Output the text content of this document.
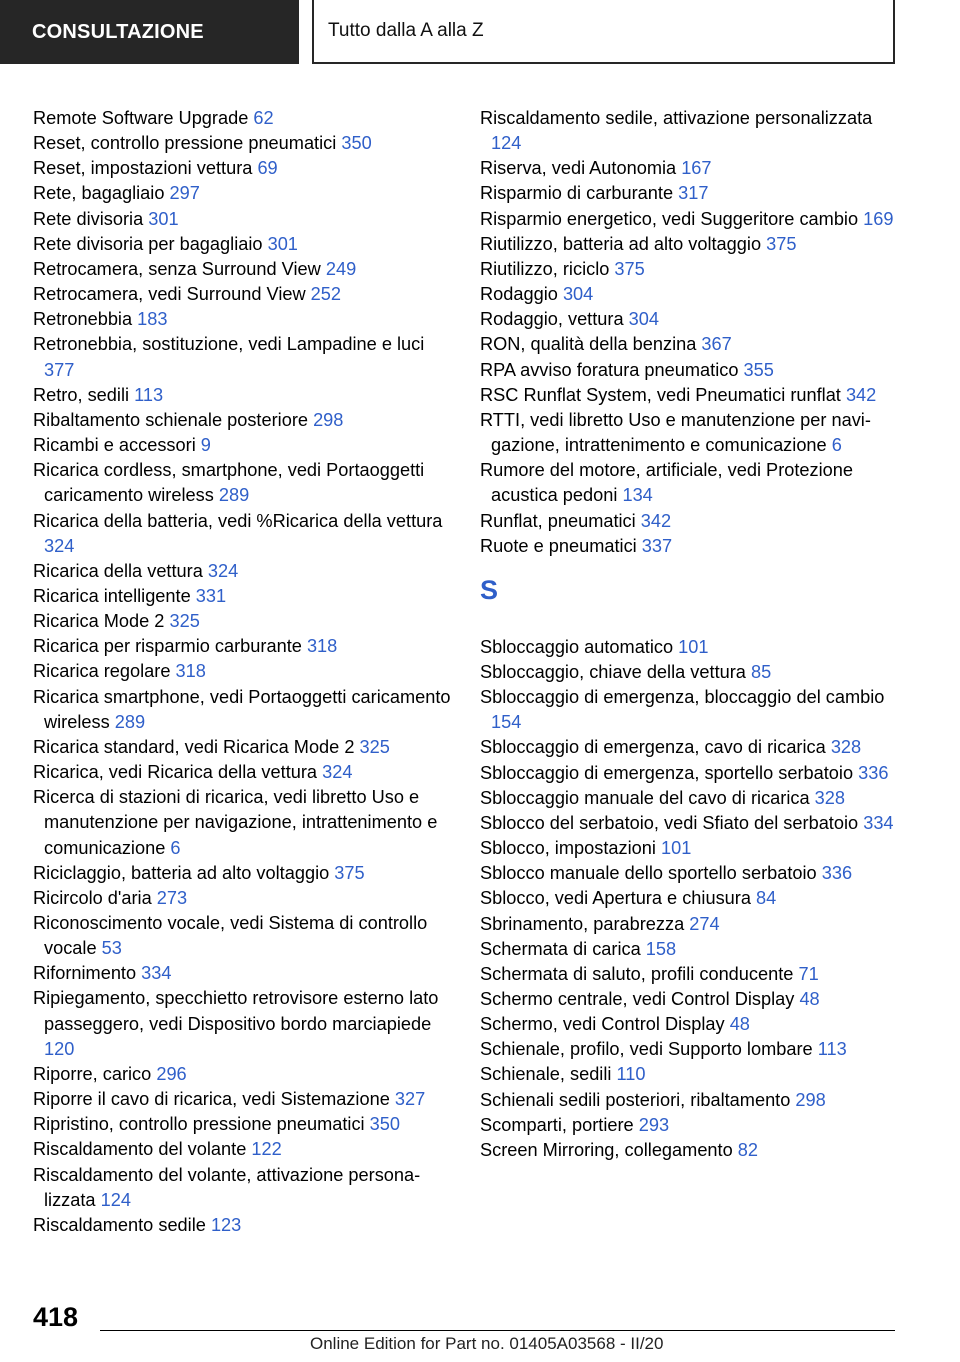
CONSULTAZIONE	Tutto dalla A alla Z

Remote Software Upgrade 62

Reset, controllo pressione pneumatici 350

Reset, impostazioni vettura 69

Rete, bagagliaio 297

Rete divisoria 301

Rete divisoria per bagagliaio 301

Retrocamera, senza Surround View 249

Retrocamera, vedi Surround View 252

Retronebbia 183

Retronebbia, sostituzione, vedi Lampadine e luci 377

Retro, sedili 113

Ribaltamento schienale posteriore 298

Ricambi e accessori 9

Ricarica cordless, smartphone, vedi Portaoggetti caricamento wireless 289

Ricarica della batteria, vedi %Ricarica della vettura 324

Ricarica della vettura 324

Ricarica intelligente 331

Ricarica Mode 2 325

Ricarica per risparmio carburante 318

Ricarica regolare 318

Ricarica smartphone, vedi Portaoggetti caricamento wireless 289

Ricarica standard, vedi Ricarica Mode 2 325

Ricarica, vedi Ricarica della vettura 324

Ricerca di stazioni di ricarica, vedi libretto Uso e manutenzione per navigazione, intrattenimento e comunicazione 6

Riciclaggio, batteria ad alto voltaggio 375

Ricircolo d'aria 273

Riconoscimento vocale, vedi Sistema di controllo vocale 53

Rifornimento 334

Ripiegamento, specchietto retrovisore esterno lato passeggero, vedi Dispositivo bordo marciapiede 120

Riporre, carico 296

Riporre il cavo di ricarica, vedi Sistemazione 327

Ripristino, controllo pressione pneumatici 350

Riscaldamento del volante 122

Riscaldamento del volante, attivazione personalizzata 124

Riscaldamento sedile 123

Riscaldamento sedile, attivazione personalizzata 124

Riserva, vedi Autonomia 167

Risparmio di carburante 317

Risparmio energetico, vedi Suggeritore cambio 169

Riutilizzo, batteria ad alto voltaggio 375

Riutilizzo, riciclo 375

Rodaggio 304

Rodaggio, vettura 304

RON, qualità della benzina 367

RPA avviso foratura pneumatico 355

RSC Runflat System, vedi Pneumatici runflat 342

RTTI, vedi libretto Uso e manutenzione per navigazione, intrattenimento e comunicazione 6

Rumore del motore, artificiale, vedi Protezione acustica pedoni 134

Runflat, pneumatici 342

Ruote e pneumatici 337

S

Sbloccaggio automatico 101

Sbloccaggio, chiave della vettura 85

Sbloccaggio di emergenza, bloccaggio del cambio 154

Sbloccaggio di emergenza, cavo di ricarica 328

Sbloccaggio di emergenza, sportello serbatoio 336

Sbloccaggio manuale del cavo di ricarica 328

Sblocco del serbatoio, vedi Sfiato del serbatoio 334

Sblocco, impostazioni 101

Sblocco manuale dello sportello serbatoio 336

Sblocco, vedi Apertura e chiusura 84

Sbrinamento, parabrezza 274

Schermata di carica 158

Schermata di saluto, profili conducente 71

Schermo centrale, vedi Control Display 48

Schermo, vedi Control Display 48

Schienale, profilo, vedi Supporto lombare 113

Schienale, sedili 110

Schienali sedili posteriori, ribaltamento 298

Scomparti, portiere 293

Screen Mirroring, collegamento 82

418
Online Edition for Part no. 01405A03568 - II/20
